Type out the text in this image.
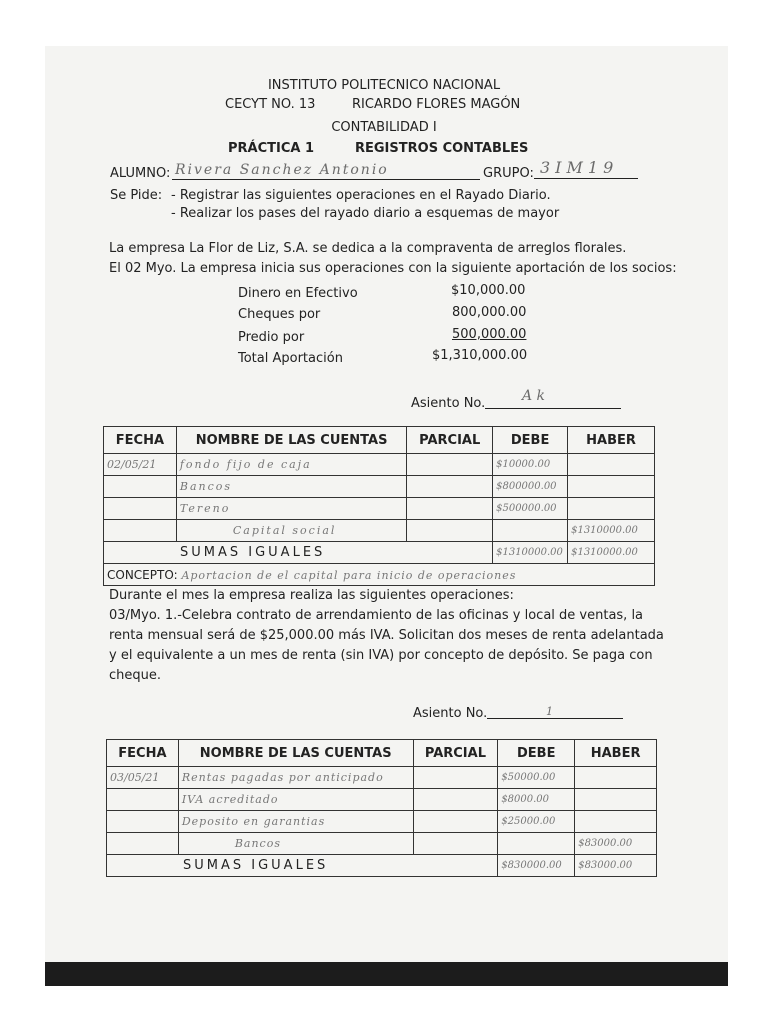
INSTITUTO POLITECNICO NACIONAL
CECYT NO. 13	RICARDO FLORES MAGÓN
CONTABILIDAD I
PRÁCTICA 1	REGISTROS CONTABLES
ALUMNO: Rivera Sanchez Antonio	GRUPO: 3IM19
Se Pide: - Registrar las siguientes operaciones en el Rayado Diario.
- Realizar los pases del rayado diario a esquemas de mayor
La empresa La Flor de Liz, S.A. se dedica a la compraventa de arreglos florales.
El 02 Myo. La empresa inicia sus operaciones con la siguiente aportación de los socios:
Dinero en Efectivo	$10,000.00
Cheques por	800,000.00
Predio por	500,000.00
Total Aportación	$1,310,000.00
Asiento No.	A k
FECHA	NOMBRE DE LAS CUENTAS	PARCIAL	DEBE	HABER
02/05/21	fondo fijo de caja		$10000.00	
	Bancos		$800000.00	
	Tereno		$500000.00	
	Capital social			$1310000.00
SUMAS IGUALES			$1310000.00	$1310000.00
CONCEPTO: Aportacion de el capital para inicio de operaciones				
Durante el mes la empresa realiza las siguientes operaciones:
03/Myo. 1.-Celebra contrato de arrendamiento de las oficinas y local de ventas, la
renta mensual será de $25,000.00 más IVA. Solicitan dos meses de renta adelantada
y el equivalente a un mes de renta (sin IVA) por concepto de depósito. Se paga con
cheque.
Asiento No.	1
FECHA	NOMBRE DE LAS CUENTAS	PARCIAL	DEBE	HABER
03/05/21	Rentas pagadas por anticipado		$50000.00	
	IVA acreditado		$8000.00	
	Deposito en garantias		$25000.00	
	Bancos			$83000.00
SUMAS IGUALES			$830000.00	$83000.00
